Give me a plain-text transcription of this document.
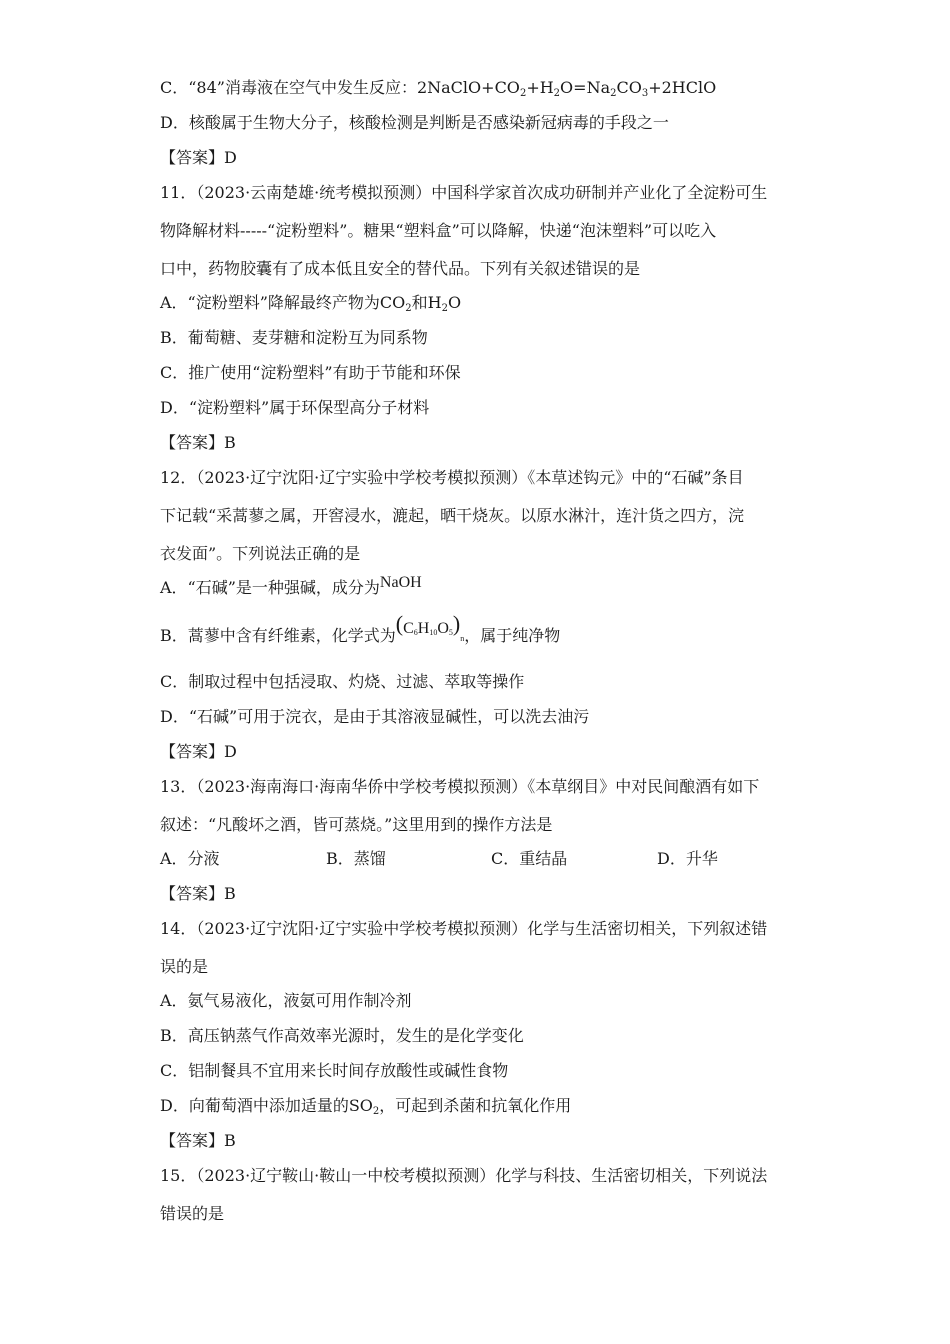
C．“84”消毒液在空气中发生反应：$2NaClO+CO_2+H_2O=Na_2CO_3+2HClO$
D．核酸属于生物大分子，核酸检测是判断是否感染新冠病毒的手段之一
【答案】D
11．（2023·云南楚雄·统考模拟预测）中国科学家首次成功研制并产业化了全淀粉可生
物降解材料-----“淀粉塑料”。糖果“塑料盒”可以降解，快递“泡沫塑料”可以吃入
口中，药物胶囊有了成本低且安全的替代品。下列有关叙述错误的是
A．“淀粉塑料”降解最终产物为$CO_2$和$H_2O$
B．葡萄糖、麦芽糖和淀粉互为同系物
C．推广使用“淀粉塑料”有助于节能和环保
D．“淀粉塑料”属于环保型高分子材料
【答案】B
12．（2023·辽宁沈阳·辽宁实验中学校考模拟预测）《本草述钩元》中的“石碱”条目
下记载“采蒿蓼之属，开窖浸水，漉起，晒干烧灰。以原水淋汁，连汁货之四方，浣
衣发面”。下列说法正确的是
A．“石碱”是一种强碱，成分为NaOH
B．蒿蓼中含有纤维素，化学式为$(C6H10O5)_n$，属于纯净物
C．制取过程中包括浸取、灼烧、过滤、萃取等操作
D．“石碱”可用于浣衣，是由于其溶液显碱性，可以洗去油污
【答案】D
13．（2023·海南海口·海南华侨中学校考模拟预测）《本草纲目》中对民间酿酒有如下
叙述：“凡酸坏之酒，皆可蒸烧。”这里用到的操作方法是
A．分液	B．蒸馏	C．重结晶	D．升华
【答案】B
14．（2023·辽宁沈阳·辽宁实验中学校考模拟预测）化学与生活密切相关，下列叙述错
误的是
A．氨气易液化，液氨可用作制冷剂
B．高压钠蒸气作高效率光源时，发生的是化学变化
C．铝制餐具不宜用来长时间存放酸性或碱性食物
D．向葡萄酒中添加适量的$SO_2$，可起到杀菌和抗氧化作用
【答案】B
15．（2023·辽宁鞍山·鞍山一中校考模拟预测）化学与科技、生活密切相关，下列说法
错误的是
